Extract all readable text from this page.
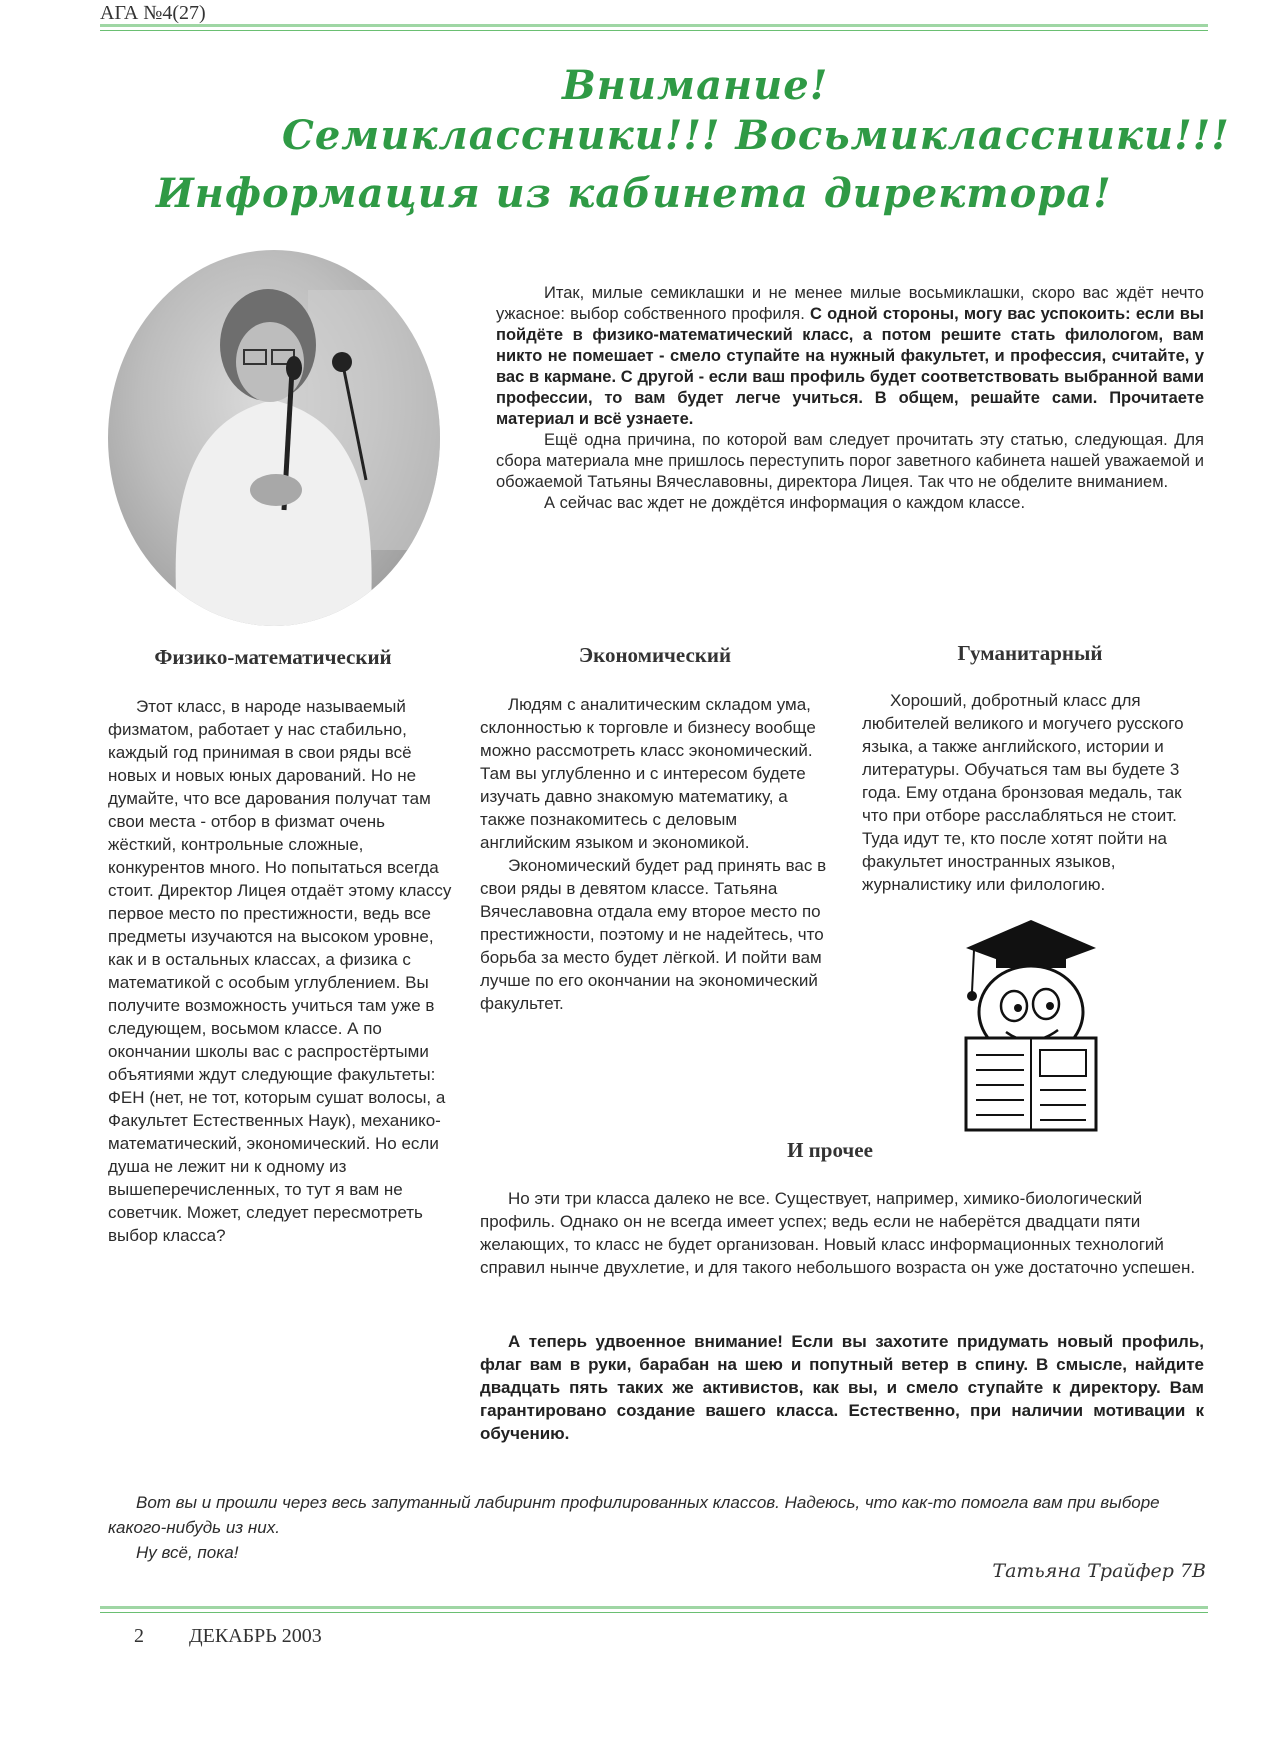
АГА №4(27)
Внимание!
Семиклассники!!! Восьмиклассники!!!
Информация из кабинета директора!

Итак, милые семиклашки и не менее милые восьмиклашки, скоро вас ждёт нечто ужасное: выбор собственного профиля. С одной стороны, могу вас успокоить: если вы пойдёте в физико-математический класс, а потом решите стать филологом, вам никто не помешает - смело ступайте на нужный факультет, и профессия, считайте, у вас в кармане. С другой - если ваш профиль будет соответствовать выбранной вами профессии, то вам будет легче учиться. В общем, решайте сами. Прочитаете материал и всё узнаете.

Ещё одна причина, по которой вам следует прочитать эту статью, следующая. Для сбора материала мне пришлось переступить порог заветного кабинета нашей уважаемой и обожаемой Татьяны Вячеславовны, директора Лицея. Так что не обделите вниманием.

А сейчас вас ждет не дождётся информация о каждом классе.

Физико-математический	Экономический	Гуманитарный

Этот класс, в народе называемый физматом, работает у нас стабильно, каждый год принимая в свои ряды всё новых и новых юных дарований. Но не думайте, что все дарования получат там свои места - отбор в физмат очень жёсткий, контрольные сложные, конкурентов много. Но попытаться всегда стоит. Директор Лицея отдаёт этому классу первое место по престижности, ведь все предметы изучаются на высоком уровне, как и в остальных классах, а физика с математикой с особым углублением. Вы получите возможность учиться там уже в следующем, восьмом классе. А по окончании школы вас с распростёртыми объятиями ждут следующие факультеты: ФЕН (нет, не тот, которым сушат волосы, а Факультет Естественных Наук), механико-математический, экономический. Но если душа не лежит ни к одному из вышеперечисленных, то тут я вам не советчик. Может, следует пересмотреть выбор класса?

Людям с аналитическим складом ума, склонностью к торговле и бизнесу вообще можно рассмотреть класс экономический. Там вы углубленно и с интересом будете изучать давно знакомую математику, а также познакомитесь с деловым английским языком и экономикой.

Экономический будет рад принять вас в свои ряды в девятом классе. Татьяна Вячеславовна отдала ему второе место по престижности, поэтому и не надейтесь, что борьба за место будет лёгкой. И пойти вам лучше по его окончании на экономический факультет.

Хороший, добротный класс для любителей великого и могучего русского языка, а также английского, истории и литературы. Обучаться там вы будете 3 года. Ему отдана бронзовая медаль, так что при отборе расслабляться не стоит. Туда идут те, кто после хотят пойти на факультет иностранных языков, журналистику или филологию.

И прочее

Но эти три класса далеко не все. Существует, например, химико-биологический профиль. Однако он не всегда имеет успех; ведь если не наберётся двадцати пяти желающих, то класс не будет организован. Новый класс информационных технологий справил нынче двухлетие, и для такого небольшого возраста он уже достаточно успешен.

А теперь удвоенное внимание! Если вы захотите придумать новый профиль, флаг вам в руки, барабан на шею и попутный ветер в спину. В смысле, найдите двадцать пять таких же активистов, как вы, и смело ступайте к директору. Вам гарантировано создание вашего класса. Естественно, при наличии мотивации к обучению.

Вот вы и прошли через весь запутанный лабиринт профилированных классов. Надеюсь, что как-то помогла вам при выборе какого-нибудь из них.

Ну всё, пока!

Татьяна Трайфер 7В
2 ДЕКАБРЬ 2003
